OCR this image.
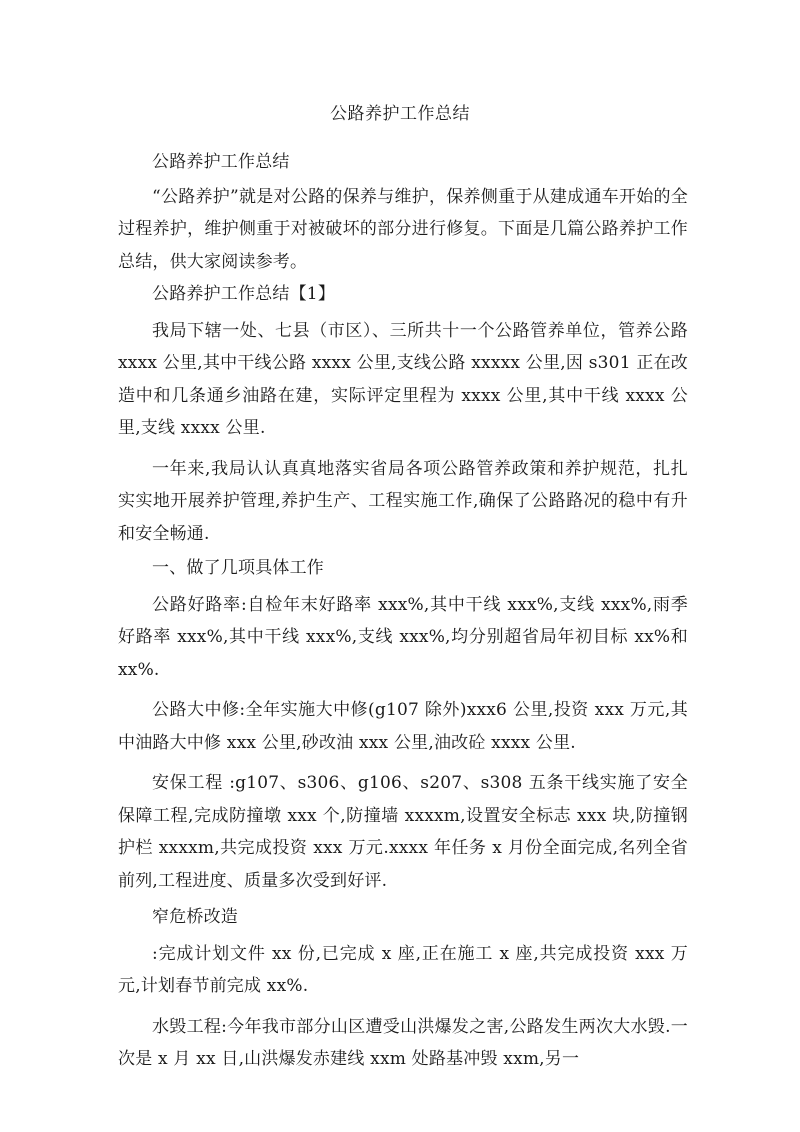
公路养护工作总结

公路养护工作总结

“公路养护”就是对公路的保养与维护，保养侧重于从建成通车开始的全过程养护，维护侧重于对被破坏的部分进行修复。下面是几篇公路养护工作总结，供大家阅读参考。

公路养护工作总结【1】

我局下辖一处、七县（市区）、三所共十一个公路管养单位，管养公路 xxxx 公里,其中干线公路 xxxx 公里,支线公路 xxxxx 公里,因 s301 正在改造中和几条通乡油路在建，实际评定里程为 xxxx 公里,其中干线 xxxx 公里,支线 xxxx 公里.

一年来,我局认认真真地落实省局各项公路管养政策和养护规范，扎扎实实地开展养护管理,养护生产、工程实施工作,确保了公路路况的稳中有升和安全畅通.

一、做了几项具体工作

公路好路率:自检年末好路率 xxx%,其中干线 xxx%,支线 xxx%,雨季好路率 xxx%,其中干线 xxx%,支线 xxx%,均分别超省局年初目标 xx%和 xx%.

公路大中修:全年实施大中修(g107 除外)xxx6 公里,投资 xxx 万元,其中油路大中修 xxx 公里,砂改油 xxx 公里,油改砼 xxxx 公里.

安保工程 :g107、s306、g106、s207、s308 五条干线实施了安全保障工程,完成防撞墩 xxx 个,防撞墙 xxxxm,设置安全标志 xxx 块,防撞钢护栏 xxxxm,共完成投资 xxx 万元.xxxx 年任务 x 月份全面完成,名列全省前列,工程进度、质量多次受到好评.

窄危桥改造

:完成计划文件 xx 份,已完成 x 座,正在施工 x 座,共完成投资 xxx 万元,计划春节前完成 xx%.

水毁工程:今年我市部分山区遭受山洪爆发之害,公路发生两次大水毁.一次是 x 月 xx 日,山洪爆发赤建线 xxm 处路基冲毁 xxm,另一
